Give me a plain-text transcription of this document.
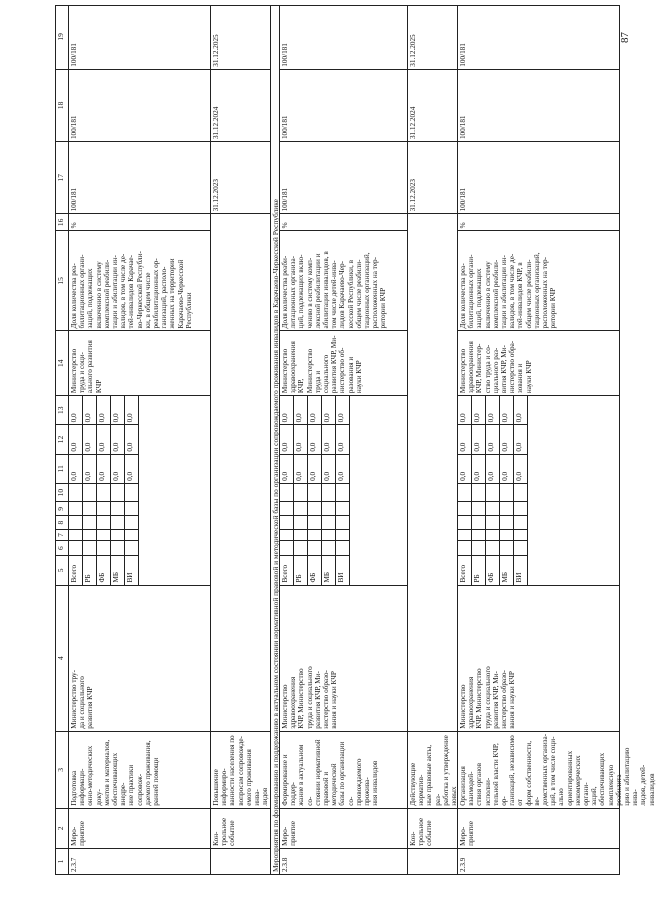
87
1
2
3
4
5
6
7
8
9
10
11
12
13
14
15
16
17
18
19
2.3.7
Меро-
приятие
Подготовка информаци-
онно-методических доку-
ментов и материалов,
обеспечивающих внедре-
ние практики сопровож-
даемого проживания,
ранней помощи
Министерство тру-
да и социального
развития КЧР
Всего
0,0
0,0
0,0
РБ
0,0
0,0
0,0
ФБ
0,0
0,0
0,0
МБ
0,0
0,0
0,0
ВИ
0,0
0,0
0,0
Министерство
труда и соци-
ального развития
КЧР
Доля количества реа-
билитационных органи-
заций, подлежащих
включению в систему
комплексной реабили-
тации и абилитации ин-
валидов, в том числе де-
тей-инвалидов Карачае-
во-Черкесской Республи-
ки, в общем числе
реабилитационных ор-
ганизаций, располо-
женных на территории
Карачаево-Черкесской
Республики
%
100/181
100/181
100/181
Кон-
трольное
событие
Повышение информиро-
ванности населения по
вопросам сопровожде-
емого проживания инва-
лидов
31.12.2023
31.12.2024
31.12.2025
Мероприятия по формированию и поддержанию в актуальном состоянии нормативной правовой и методической базы по организации сопровождаемого проживания инвалидов в Карачаево-Черкесской Республике 2.3.8
Меро-
приятие
Формирование и поддер-
жание в актуальном со-
стоянии нормативной
правовой и методической
базы по организации со-
провождаемого прожива-
ния инвалидов
Министерство
здравоохранения
КЧР, Министерство
труда и социального
развития КЧР, Ми-
нистерство образо-
вания и науки КЧР
Всего
0,0
0,0
0,0
РБ
0,0
0,0
0,0
ФБ
0,0
0,0
0,0
МБ
0,0
0,0
0,0
ВИ
0,0
0,0
0,0
Министерство
здравоохранения
КЧР, Министерство
труда и социального
развития КЧР, Ми-
нистерство об-
разования и
науки КЧР
Доля количества реаби-
литационных организа-
ций, подлежащих вклю-
чению в систему комп-
лексной реабилитации и
абилитации инвалидов, в
том числе детей-инва-
лидов Карачаево-Чер-
кесской Республики, в
общем числе реабили-
тационных организаций,
расположенных на тер-
ритории КЧР
%
100/181
100/181
100/181
Кон-
трольное
событие
Действующие норматив-
ные правовые акты, раз-
работка и утверждение
новых
31.12.2023
31.12.2024
31.12.2025
2.3.9
Меро-
приятие
Организация взаимодей-
ствия органов исполни-
тельной власти КЧР, ор-
ганизаций, независимо от
форм собственности, ве-
домственных организа-
ций, в том числе соци-
ально ориентированных
некоммерческих органи-
заций, обеспечивающих
комплексную реабилита-
цию и абилитацию инва-
лидов, детей-инвалидов
Министерство
здравоохранения
КЧР, Министерство
труда и социального
развития КЧР, Ми-
нистерство образо-
вания и науки КЧР
Всего
0,0
0,0
0,0
РБ
0,0
0,0
0,0
ФБ
0,0
0,0
0,0
МБ
0,0
0,0
0,0
ВИ
0,0
0,0
0,0
Министерство
здравоохранения
КЧР, Министер-
ство труда и со-
циального раз-
вития КЧР, Ми-
нистерство обра-
зования и
науки КЧР
Доля количества реа-
билитационных органи-
заций, подлежащих
включению в систему
комплексной реабили-
тации и абилитации ин-
валидов, в том числе де-
тей-инвалидов КЧР, в
общем числе реабили-
тационных организаций,
расположенных на тер-
ритории КЧР
%
100/181
100/181
100/181
